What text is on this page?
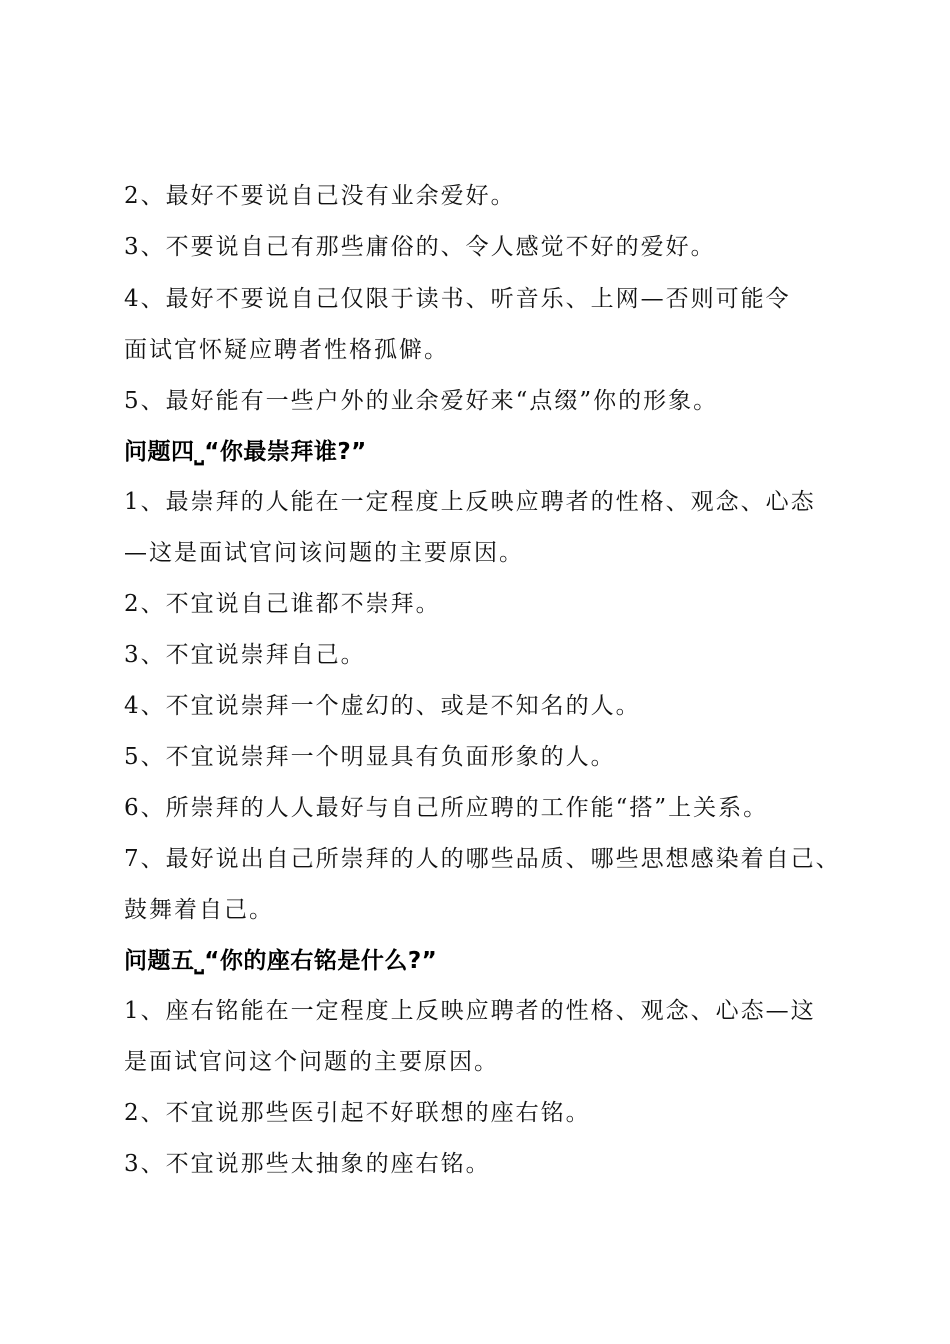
2、最好不要说自己没有业余爱好。
3、不要说自己有那些庸俗的、令人感觉不好的爱好。
4、最好不要说自己仅限于读书、听音乐、上网—否则可能令
面试官怀疑应聘者性格孤僻。
5、最好能有一些户外的业余爱好来“点缀”你的形象。
问题四⎵“你最崇拜谁?”
1、最崇拜的人能在一定程度上反映应聘者的性格、观念、心态
—这是面试官问该问题的主要原因。
2、不宜说自己谁都不崇拜。
3、不宜说崇拜自己。
4、不宜说崇拜一个虚幻的、或是不知名的人。
5、不宜说崇拜一个明显具有负面形象的人。
6、所崇拜的人人最好与自己所应聘的工作能“搭”上关系。
7、最好说出自己所崇拜的人的哪些品质、哪些思想感染着自己、
鼓舞着自己。
问题五⎵“你的座右铭是什么?”
1、座右铭能在一定程度上反映应聘者的性格、观念、心态—这
是面试官问这个问题的主要原因。
2、不宜说那些医引起不好联想的座右铭。
3、不宜说那些太抽象的座右铭。
